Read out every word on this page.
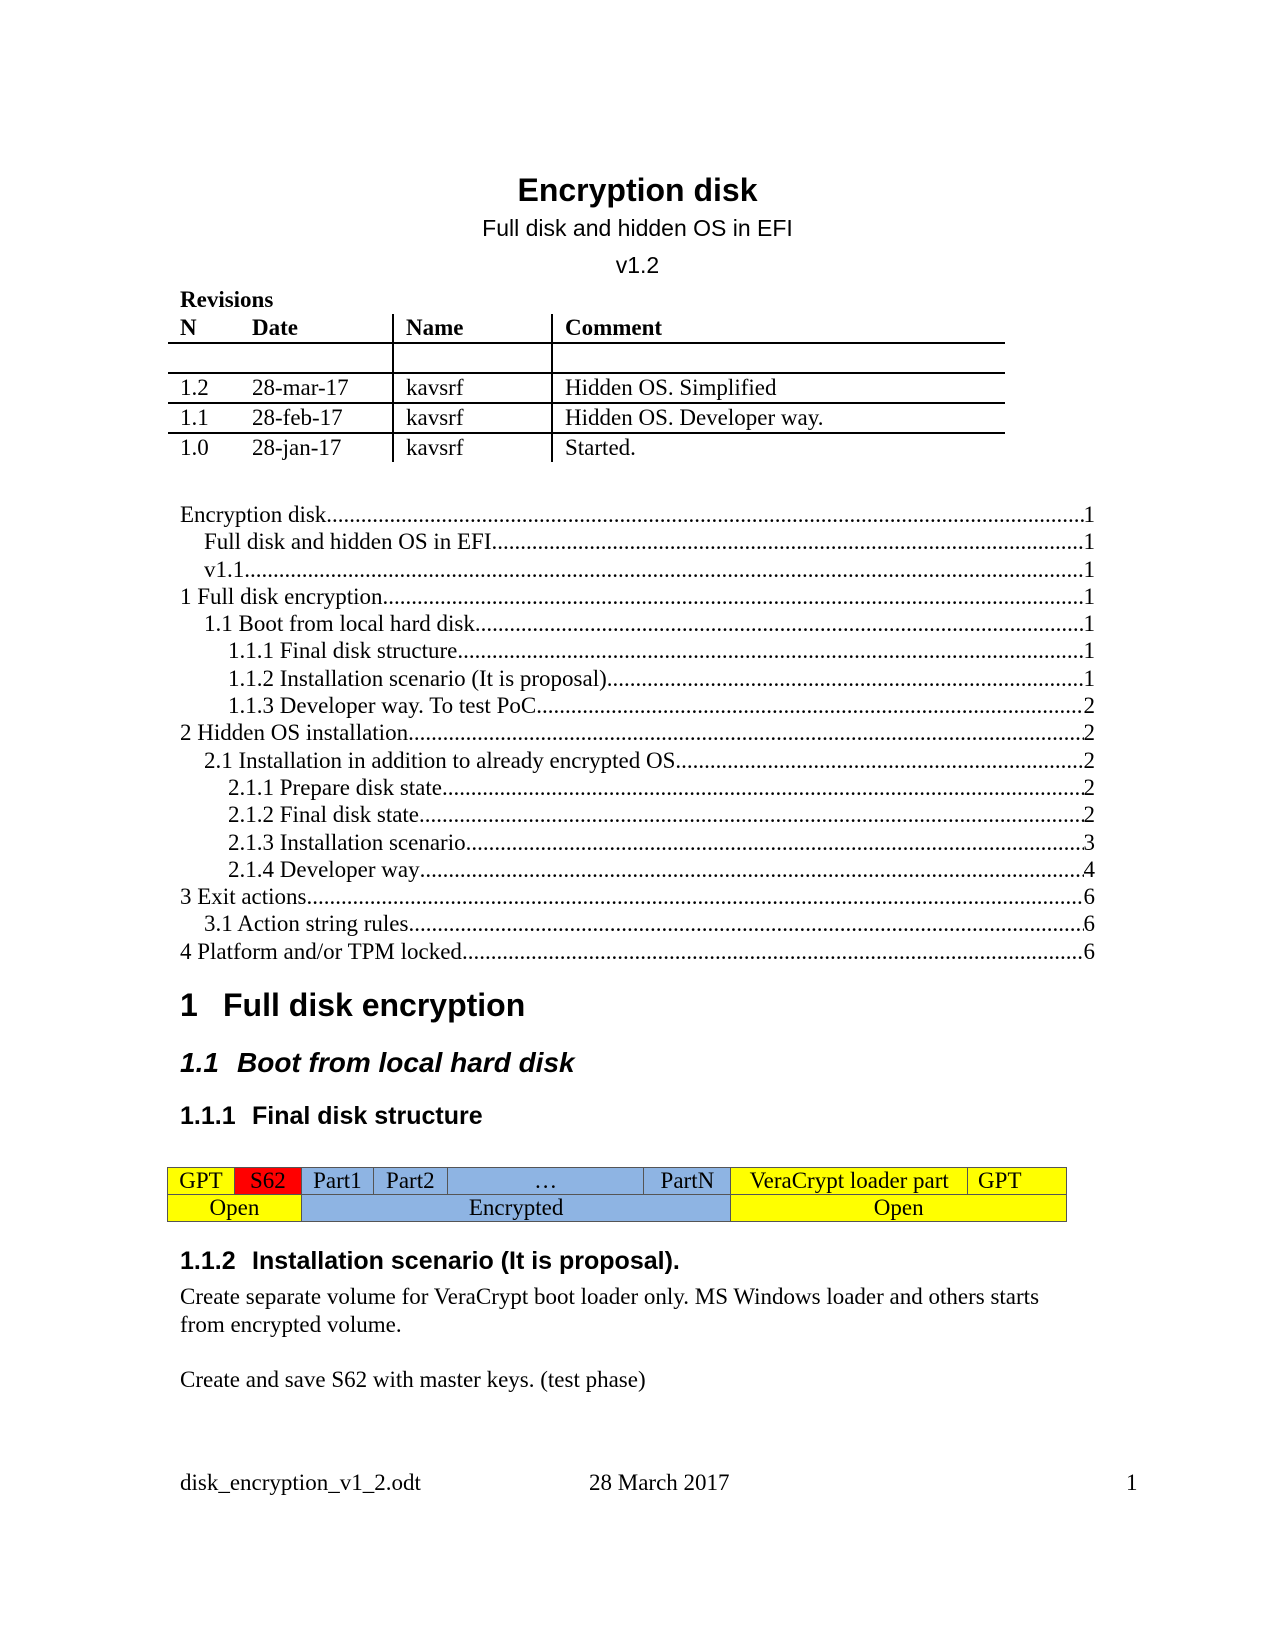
Encryption disk
Full disk and hidden OS in EFI
v1.2
Revisions
N	Date	Name	Comment

1.2	28-mar-17	kavsrf	Hidden OS. Simplified
1.1	28-feb-17	kavsrf	Hidden OS. Developer way.
1.0	28-jan-17	kavsrf	Started.
Encryption disk .....	1
Full disk and hidden OS in EFI .....	1
v1.1 .....	1
1 Full disk encryption .....	1
1.1 Boot from local hard disk .....	1
1.1.1 Final disk structure .....	1
1.1.2 Installation scenario (It is proposal) .....	1
1.1.3 Developer way. To test PoC .....	2
2 Hidden OS installation .....	2
2.1 Installation in addition to already encrypted OS .....	2
2.1.1 Prepare disk state .....	2
2.1.2 Final disk state .....	2
2.1.3 Installation scenario .....	3
2.1.4 Developer way .....	4
3 Exit actions .....	6
3.1 Action string rules .....	6
4 Platform and/or TPM locked .....	6
1 Full disk encryption
1.1 Boot from local hard disk
1.1.1 Final disk structure
GPT	S62	Part1	Part2	…	PartN	VeraCrypt loader part	GPT
Open		Encrypted				Open	
1.1.2 Installation scenario (It is proposal).
Create separate volume for VeraCrypt boot loader only. MS Windows loader and others starts from encrypted volume.
Create and save S62 with master keys. (test phase)
disk_encryption_v1_2.odt	28 March 2017	1
